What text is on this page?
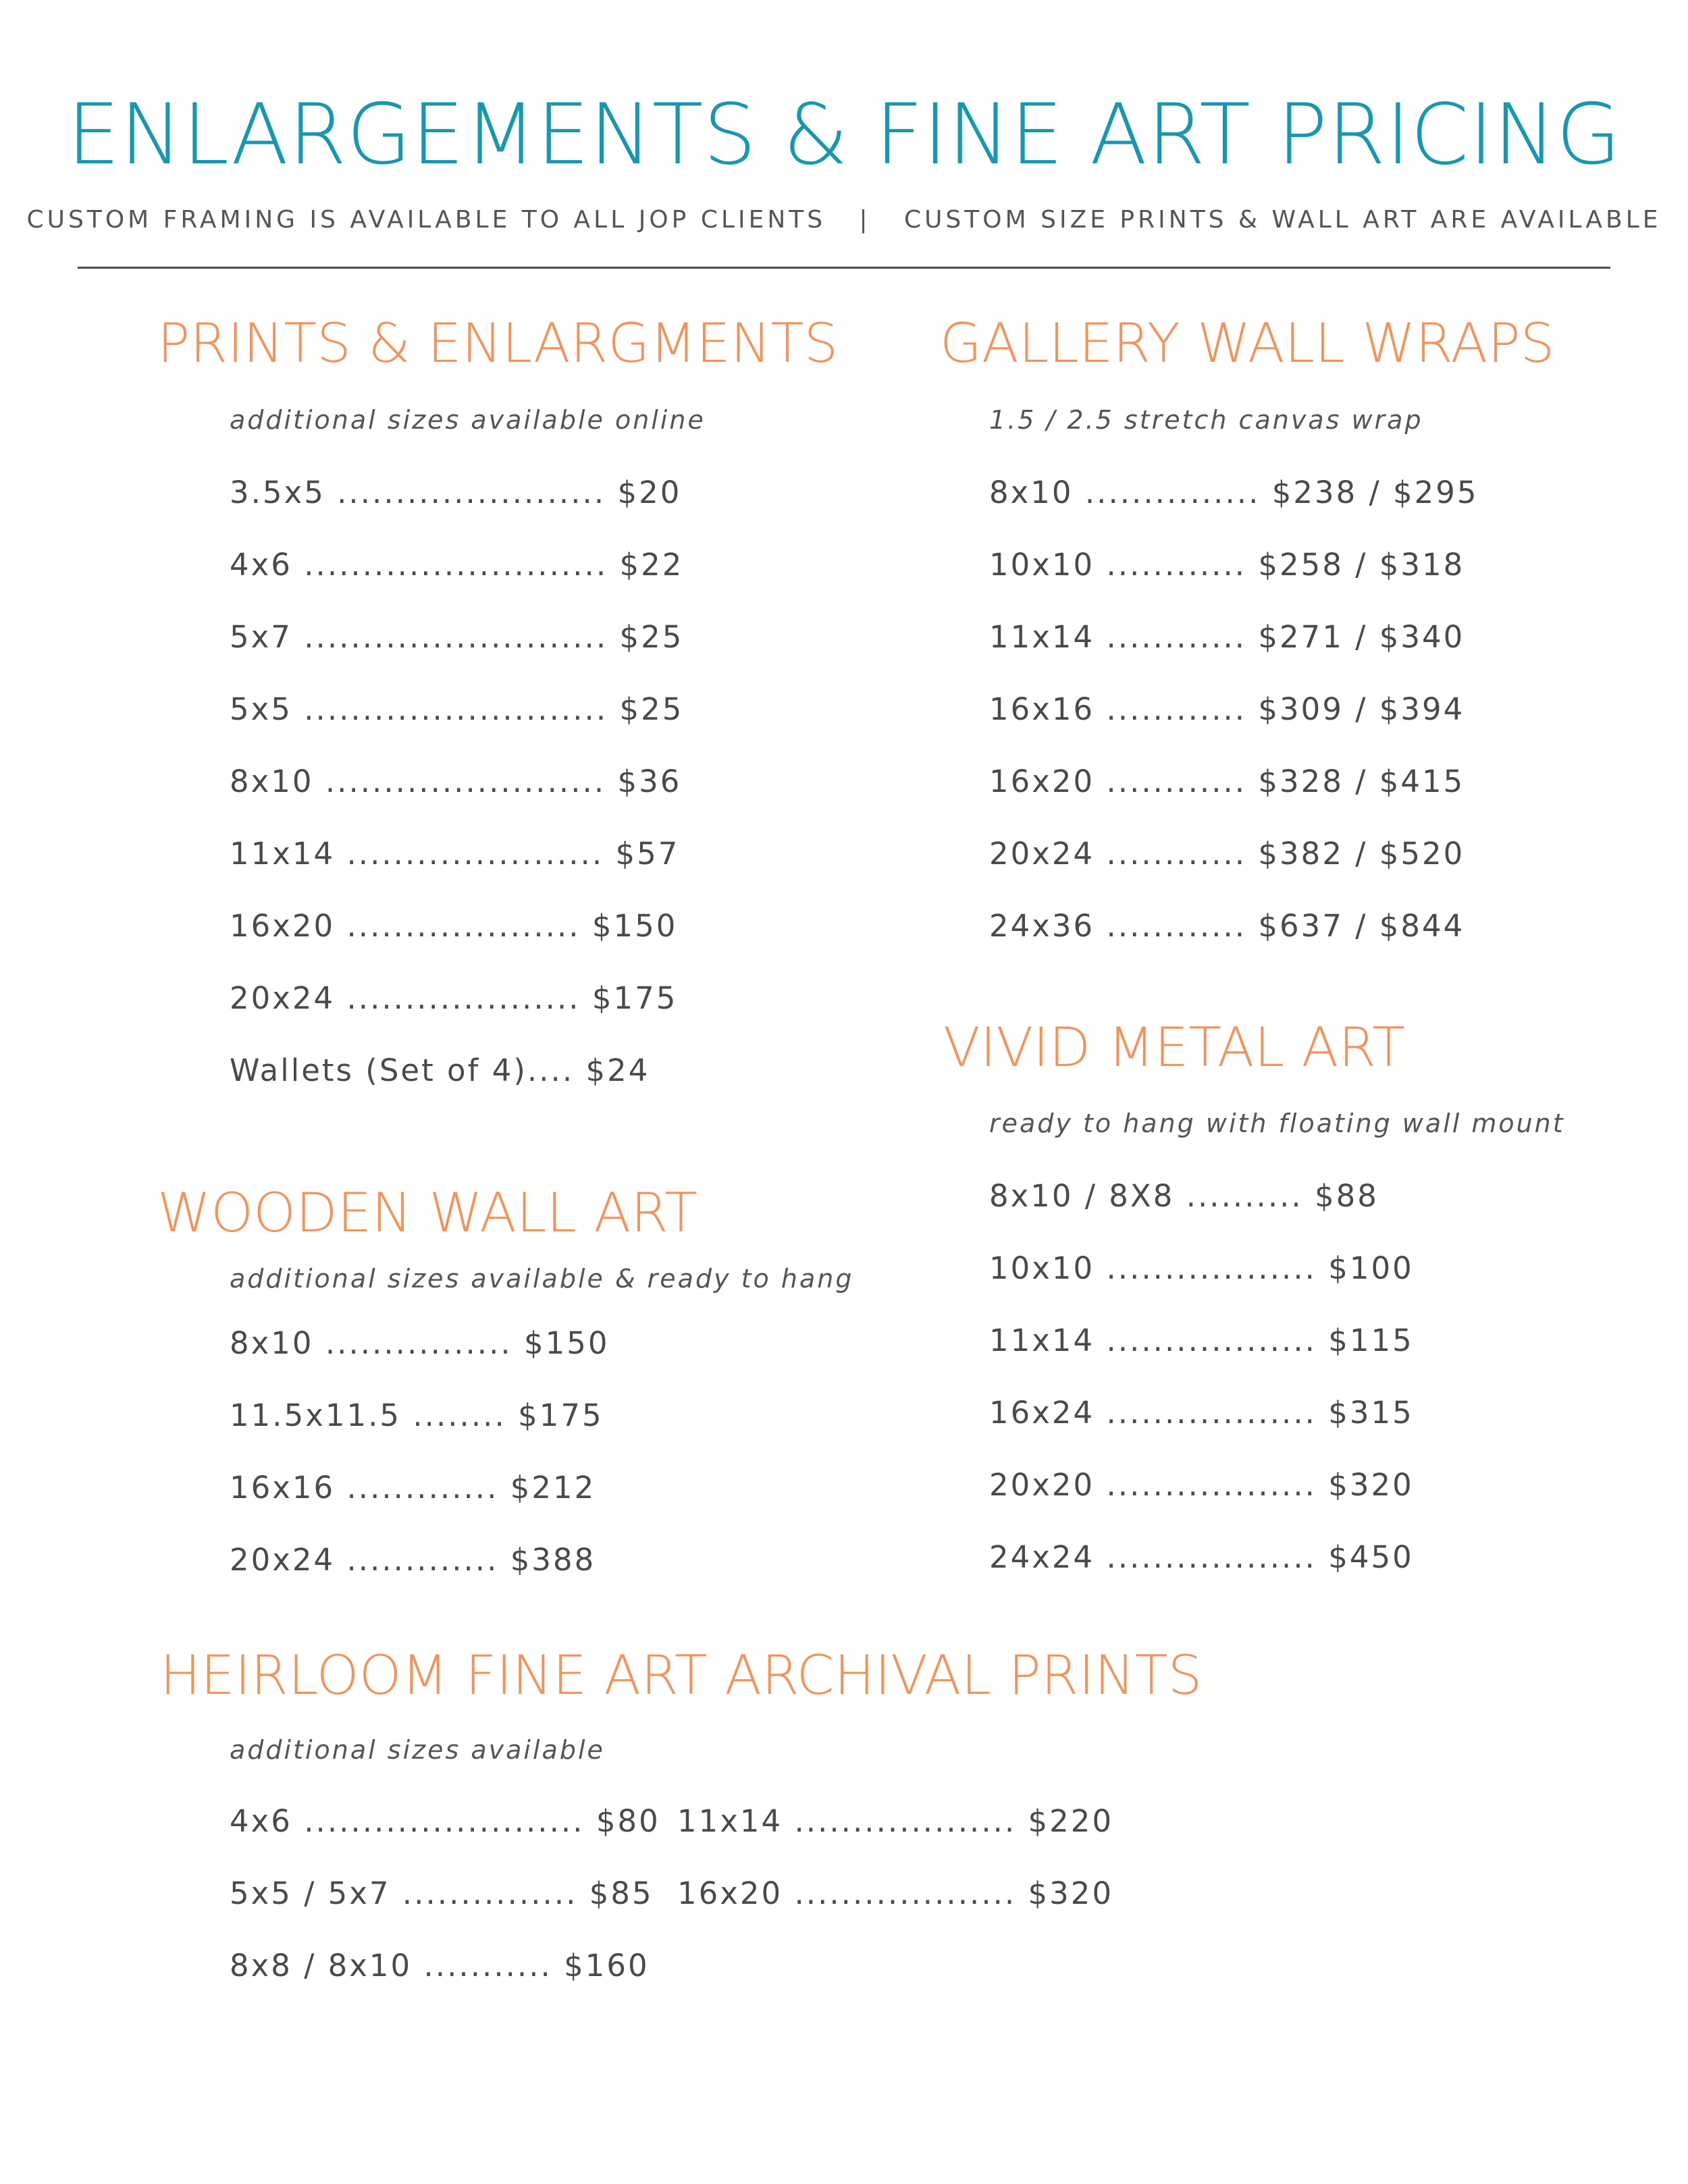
ENLARGEMENTS & FINE ART PRICING
CUSTOM FRAMING IS AVAILABLE TO ALL JOP CLIENTS   |   CUSTOM SIZE PRINTS & WALL ART ARE AVAILABLE
PRINTS & ENLARGMENTS
additional sizes available online
3.5x5 ....................... $20
4x6 .......................... $22
5x7 .......................... $25
5x5 .......................... $25
8x10 ........................ $36
11x14 ...................... $57
16x20 .................... $150
20x24 .................... $175
Wallets (Set of 4).... $24
GALLERY WALL WRAPS
1.5 / 2.5 stretch canvas wrap
8x10 ............... $238 / $295
10x10 ............ $258 / $318
11x14 ............ $271 / $340
16x16 ............ $309 / $394
16x20 ............ $328 / $415
20x24 ............ $382 / $520
24x36 ............ $637 / $844
VIVID METAL ART
ready to hang with floating wall mount
8x10 / 8X8 .......... $88
10x10 .................. $100
11x14 .................. $115
16x24 .................. $315
20x20 .................. $320
24x24 .................. $450
WOODEN WALL ART
additional sizes available & ready to hang
8x10 ................ $150
11.5x11.5 ........ $175
16x16 ............. $212
20x24 ............. $388
HEIRLOOM FINE ART ARCHIVAL PRINTS
additional sizes available
4x6 ........................ $80
5x5 / 5x7 ............... $85
8x8 / 8x10 ........... $160
11x14 ................... $220
16x20 ................... $320
